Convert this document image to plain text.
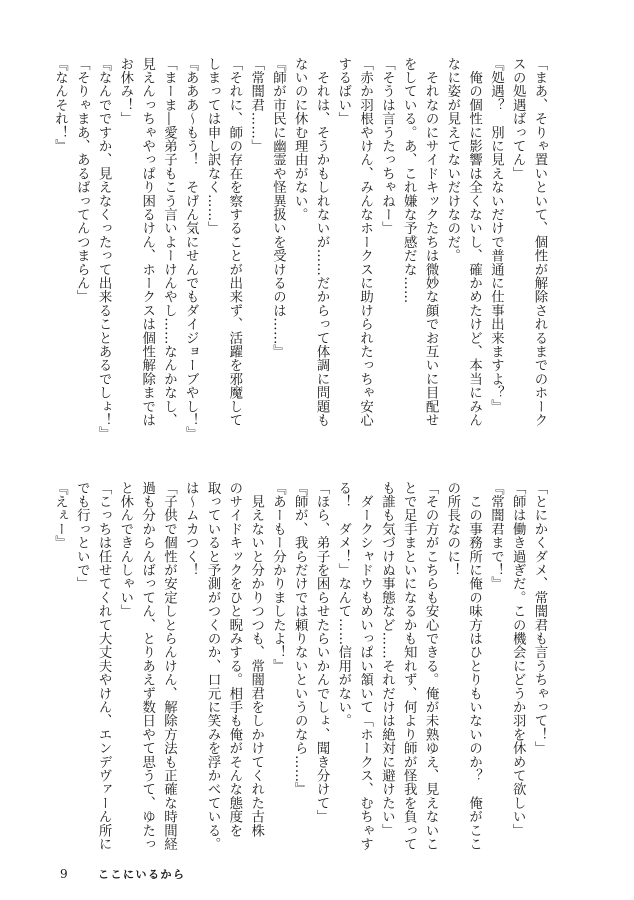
「まあ、そりゃ置いといて、個性が解除されるまでのホーク
スの処遇ばってん」
『処遇？　別に見えないだけで普通に仕事出来ますよ？』
　俺の個性に影響は全くないし、確かめたけど、本当にみん
なに姿が見えてないだけなのだ。
　それなのにサイドキックたちは微妙な顔でお互いに目配せ
をしている。あ、これ嫌な予感だな……
「そうは言うたっちゃねー」
「赤か羽根やけん、みんなホークスに助けられたっちゃ安心
するばい」
　それは、そうかもしれないが……だからって体調に問題も
ないのに休む理由がない。
『師が市民に幽霊や怪異扱いを受けるのは……』
「常闇君……」
「それに、師の存在を察することが出来ず、活躍を邪魔して
しまっては申し訳なく……」
『あああ～もう！　そげん気にせんでもダイジョーブやし！』
「まーま―愛弟子もこう言いよーけんやし……なんかなし、
見えんっちゃやっぱり困るけん、ホークスは個性解除までは
お休み！」
『なんでですか、見えなくったって出来ることあるでしょ！』
「そりゃまあ、あるばってんつまらん」
『なんそれ！』
「とにかくダメ、常闇君も言うちゃって！」
「師は働き過ぎだ。この機会にどうか羽を休めて欲しい」
『常闇君まで！』
　この事務所に俺の味方はひとりもいないのか？　俺がここ
の所長なのに！
「その方がこちらも安心できる。俺が未熟ゆえ、見えないこ
とで足手まといになるかも知れず、何より師が怪我を負って
も誰も気づけぬ事態など……それだけは絶対に避けたい」
　ダークシャドウもめいっぱい頷いて「ホークス、むちゃす
る！　ダメ！」なんて……信用がない。
「ほら、弟子を困らせたらいかんでしょ、聞き分けて」
『師が、我らだけでは頼りないというのなら……』
『あーもー分かりましたよ！』
　見えないと分かりつつも、常闇君をしかけてくれた古株
のサイドキックをひと睨みする。相手も俺がそんな態度を
取っていると予測がつくのか、口元に笑みを浮かべている。
は～ムカつく！
「子供で個性が安定しとらんけん、解除方法も正確な時間経
過も分からんばってん、とりあえず数日やて思うて、ゆたっ
と休んできんしゃい」
「こっちは任せてくれて大丈夫やけん、エンデヴァーん所に
でも行っといで」
『えぇー』
9	ここにいるから
